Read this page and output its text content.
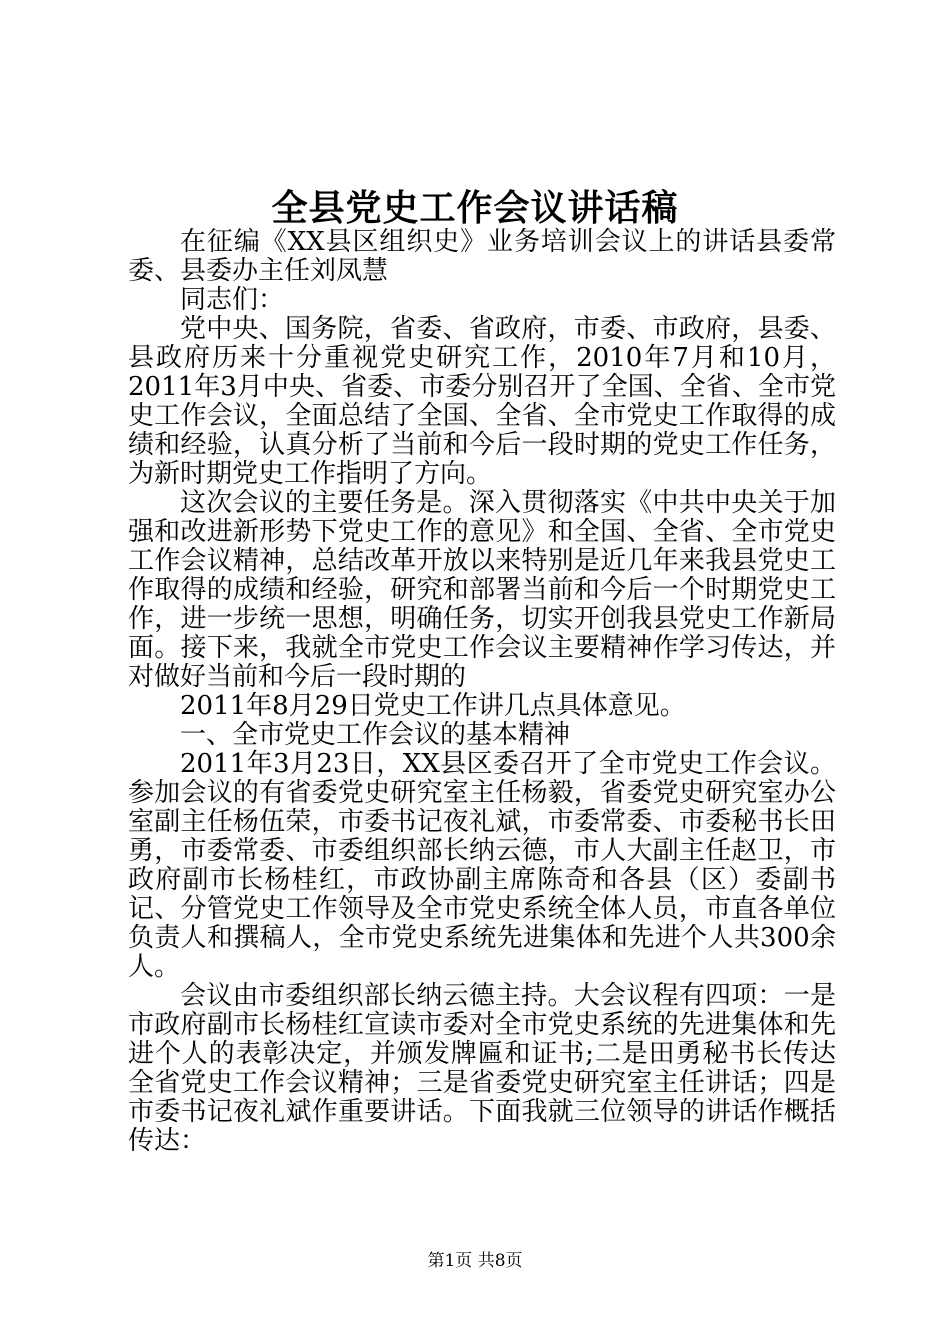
全县党史工作会议讲话稿

在征编《XX县区组织史》业务培训会议上的讲话县委常委、县委办主任刘凤慧

同志们：

党中央、国务院，省委、省政府，市委、市政府，县委、县政府历来十分重视党史研究工作，2010年7月和10月，2011年3月中央、省委、市委分别召开了全国、全省、全市党史工作会议，全面总结了全国、全省、全市党史工作取得的成绩和经验，认真分析了当前和今后一段时期的党史工作任务，为新时期党史工作指明了方向。

这次会议的主要任务是。深入贯彻落实《中共中央关于加强和改进新形势下党史工作的意见》和全国、全省、全市党史工作会议精神，总结改革开放以来特别是近几年来我县党史工作取得的成绩和经验，研究和部署当前和今后一个时期党史工作，进一步统一思想，明确任务，切实开创我县党史工作新局面。接下来，我就全市党史工作会议主要精神作学习传达，并对做好当前和今后一段时期的

2011年8月29日党史工作讲几点具体意见。

一、全市党史工作会议的基本精神

2011年3月23日，XX县区委召开了全市党史工作会议。参加会议的有省委党史研究室主任杨毅，省委党史研究室办公室副主任杨伍荣，市委书记夜礼斌，市委常委、市委秘书长田勇，市委常委、市委组织部长纳云德，市人大副主任赵卫，市政府副市长杨桂红，市政协副主席陈奇和各县（区）委副书记、分管党史工作领导及全市党史系统全体人员，市直各单位负责人和撰稿人，全市党史系统先进集体和先进个人共300余人。

会议由市委组织部长纳云德主持。大会议程有四项：一是市政府副市长杨桂红宣读市委对全市党史系统的先进集体和先进个人的表彰决定，并颁发牌匾和证书;二是田勇秘书长传达全省党史工作会议精神；三是省委党史研究室主任讲话；四是市委书记夜礼斌作重要讲话。下面我就三位领导的讲话作概括传达：

第1页 共8页
